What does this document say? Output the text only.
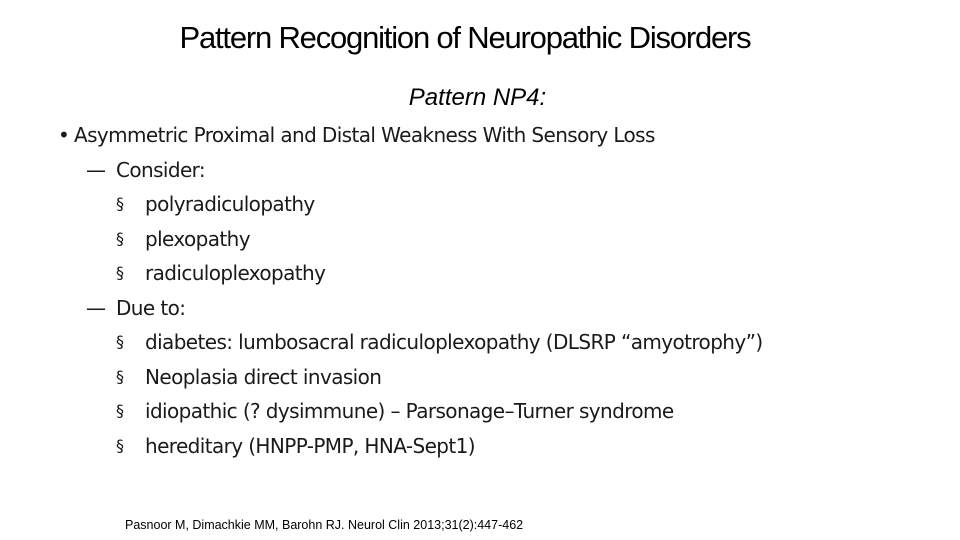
Pattern Recognition of Neuropathic Disorders
Pattern NP4:
• Asymmetric Proximal and Distal Weakness With Sensory Loss
— Consider:
§ polyradiculopathy
§ plexopathy
§ radiculoplexopathy
— Due to:
§ diabetes: lumbosacral radiculoplexopathy (DLSRP “amyotrophy”)
§ Neoplasia direct invasion
§ idiopathic (? dysimmune) – Parsonage–Turner syndrome
§ hereditary (HNPP-PMP, HNA-Sept1)
Pasnoor M, Dimachkie MM, Barohn RJ. Neurol Clin 2013;31(2):447-462
